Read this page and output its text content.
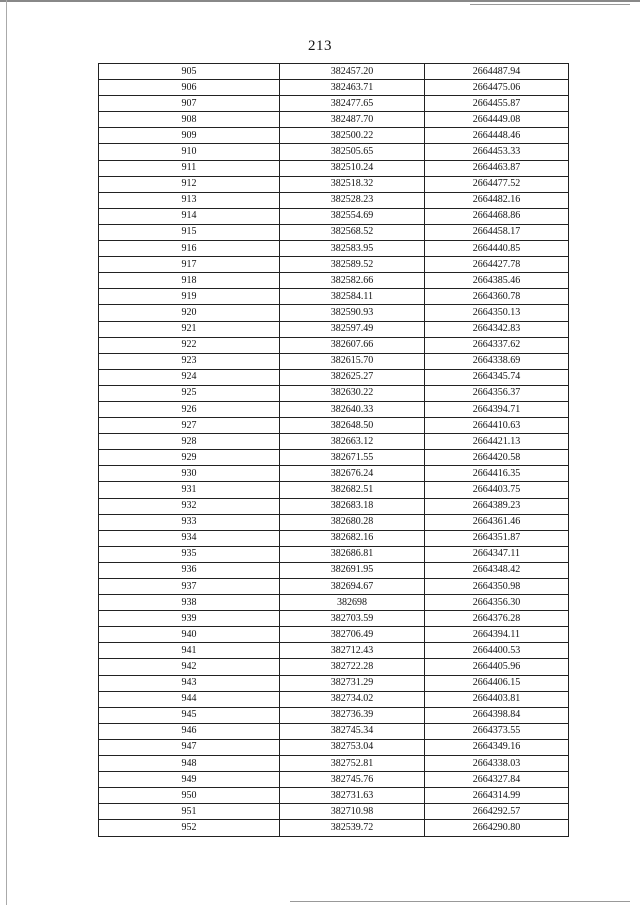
213
905	382457.20	2664487.94
906	382463.71	2664475.06
907	382477.65	2664455.87
908	382487.70	2664449.08
909	382500.22	2664448.46
910	382505.65	2664453.33
911	382510.24	2664463.87
912	382518.32	2664477.52
913	382528.23	2664482.16
914	382554.69	2664468.86
915	382568.52	2664458.17
916	382583.95	2664440.85
917	382589.52	2664427.78
918	382582.66	2664385.46
919	382584.11	2664360.78
920	382590.93	2664350.13
921	382597.49	2664342.83
922	382607.66	2664337.62
923	382615.70	2664338.69
924	382625.27	2664345.74
925	382630.22	2664356.37
926	382640.33	2664394.71
927	382648.50	2664410.63
928	382663.12	2664421.13
929	382671.55	2664420.58
930	382676.24	2664416.35
931	382682.51	2664403.75
932	382683.18	2664389.23
933	382680.28	2664361.46
934	382682.16	2664351.87
935	382686.81	2664347.11
936	382691.95	2664348.42
937	382694.67	2664350.98
938	382698	2664356.30
939	382703.59	2664376.28
940	382706.49	2664394.11
941	382712.43	2664400.53
942	382722.28	2664405.96
943	382731.29	2664406.15
944	382734.02	2664403.81
945	382736.39	2664398.84
946	382745.34	2664373.55
947	382753.04	2664349.16
948	382752.81	2664338.03
949	382745.76	2664327.84
950	382731.63	2664314.99
951	382710.98	2664292.57
952	382539.72	2664290.80
